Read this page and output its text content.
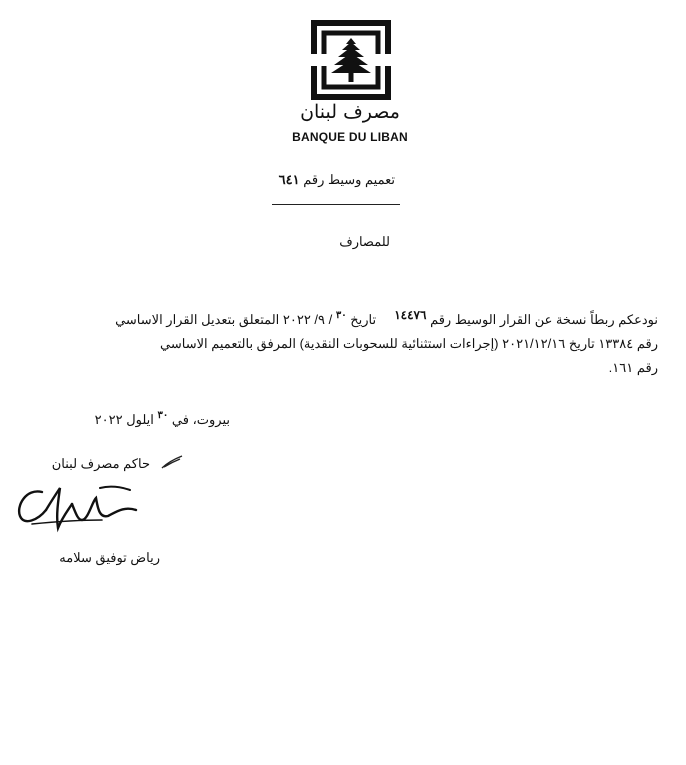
مصرف لبنان
BANQUE DU LIBAN
تعميم وسيط رقم ٦٤١
للمصارف
نودعكم ربطاً نسخة عن القرار الوسيط رقم ١٤٤٧٦     تاريخ $^{٣٠}$ / ٩/ ٢٠٢٢ المتعلق بتعديل القرار الاساسي
رقم ١٣٣٨٤ تاريخ ٢٠٢١/١٢/١٦ (إجراءات استثنائية للسحوبات النقدية) المرفق بالتعميم الاساسي
رقم ١٦١.
بيروت، في $^{٣٠}$ ايلول ٢٠٢٢
حاكم مصرف لبنان
رياض توفيق سلامه
